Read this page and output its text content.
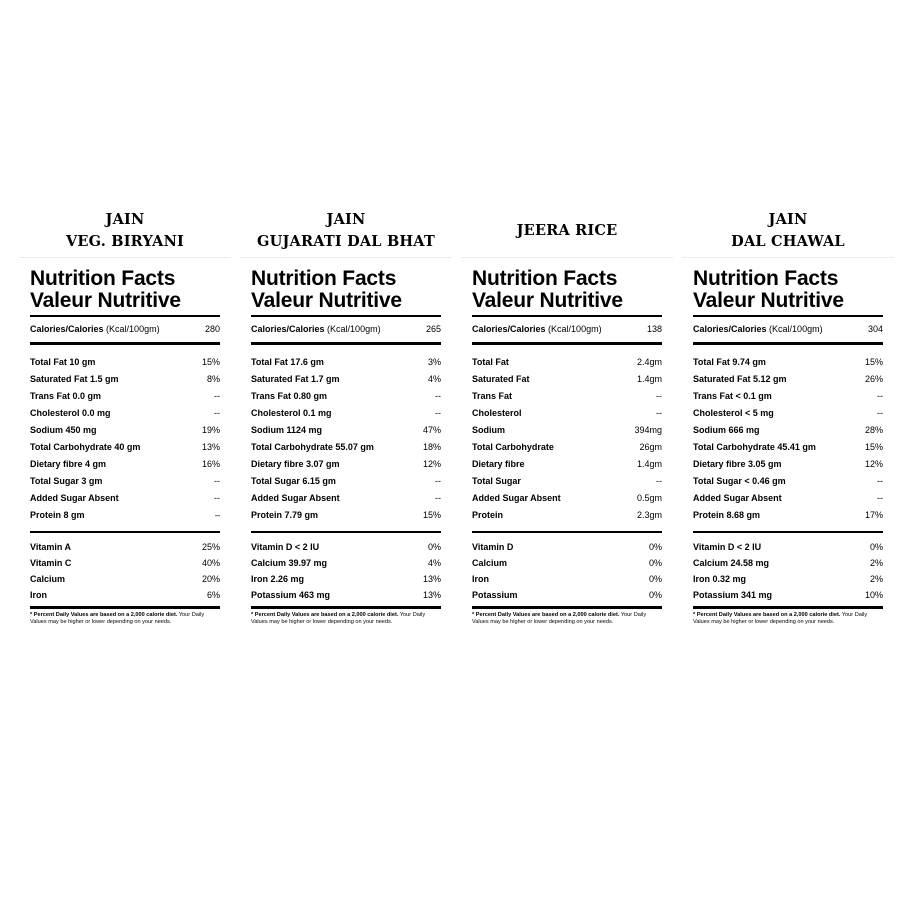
JAIN
VEG. BIRYANI
Nutrition Facts
Valeur Nutritive
Calories/Calories (Kcal/100gm)	280
Total Fat 10 gm	15%
Saturated Fat 1.5 gm	8%
Trans Fat 0.0 gm	--
Cholesterol 0.0 mg	--
Sodium 450 mg	19%
Total Carbohydrate 40 gm	13%
Dietary fibre 4 gm	16%
Total Sugar 3 gm	--
Added Sugar Absent	--
Protein 8 gm	–
Vitamin A	25%
Vitamin C	40%
Calcium	20%
Iron	6%
* Percent Daily Values are based on a 2,000 calorie diet. Your Daily Values may be higher or lower depending on your needs.
JAIN
GUJARATI DAL BHAT
Nutrition Facts
Valeur Nutritive
Calories/Calories (Kcal/100gm)	265
Total Fat 17.6 gm	3%
Saturated Fat 1.7 gm	4%
Trans Fat 0.80 gm	--
Cholesterol 0.1 mg	--
Sodium 1124 mg	47%
Total Carbohydrate 55.07 gm	18%
Dietary fibre 3.07 gm	12%
Total Sugar 6.15 gm	--
Added Sugar Absent	--
Protein 7.79 gm	15%
Vitamin D < 2 IU	0%
Calcium 39.97 mg	4%
Iron 2.26 mg	13%
Potassium 463 mg	13%
* Percent Daily Values are based on a 2,000 calorie diet. Your Daily Values may be higher or lower depending on your needs.
JEERA RICE
Nutrition Facts
Valeur Nutritive
Calories/Calories (Kcal/100gm)	138
Total Fat	2.4gm
Saturated Fat	1.4gm
Trans Fat	--
Cholesterol	--
Sodium	394mg
Total Carbohydrate	26gm
Dietary fibre	1.4gm
Total Sugar	--
Added Sugar Absent	0.5gm
Protein	2.3gm
Vitamin D	0%
Calcium	0%
Iron	0%
Potassium	0%
* Percent Daily Values are based on a 2,000 calorie diet. Your Daily Values may be higher or lower depending on your needs.
JAIN
DAL CHAWAL
Nutrition Facts
Valeur Nutritive
Calories/Calories (Kcal/100gm)	304
Total Fat 9.74 gm	15%
Saturated Fat 5.12 gm	26%
Trans Fat < 0.1 gm	--
Cholesterol < 5 mg	--
Sodium 666 mg	28%
Total Carbohydrate 45.41 gm	15%
Dietary fibre 3.05 gm	12%
Total Sugar < 0.46 gm	--
Added Sugar Absent	--
Protein 8.68 gm	17%
Vitamin D < 2 IU	0%
Calcium 24.58 mg	2%
Iron 0.32 mg	2%
Potassium 341 mg	10%
* Percent Daily Values are based on a 2,000 calorie diet. Your Daily Values may be higher or lower depending on your needs.
